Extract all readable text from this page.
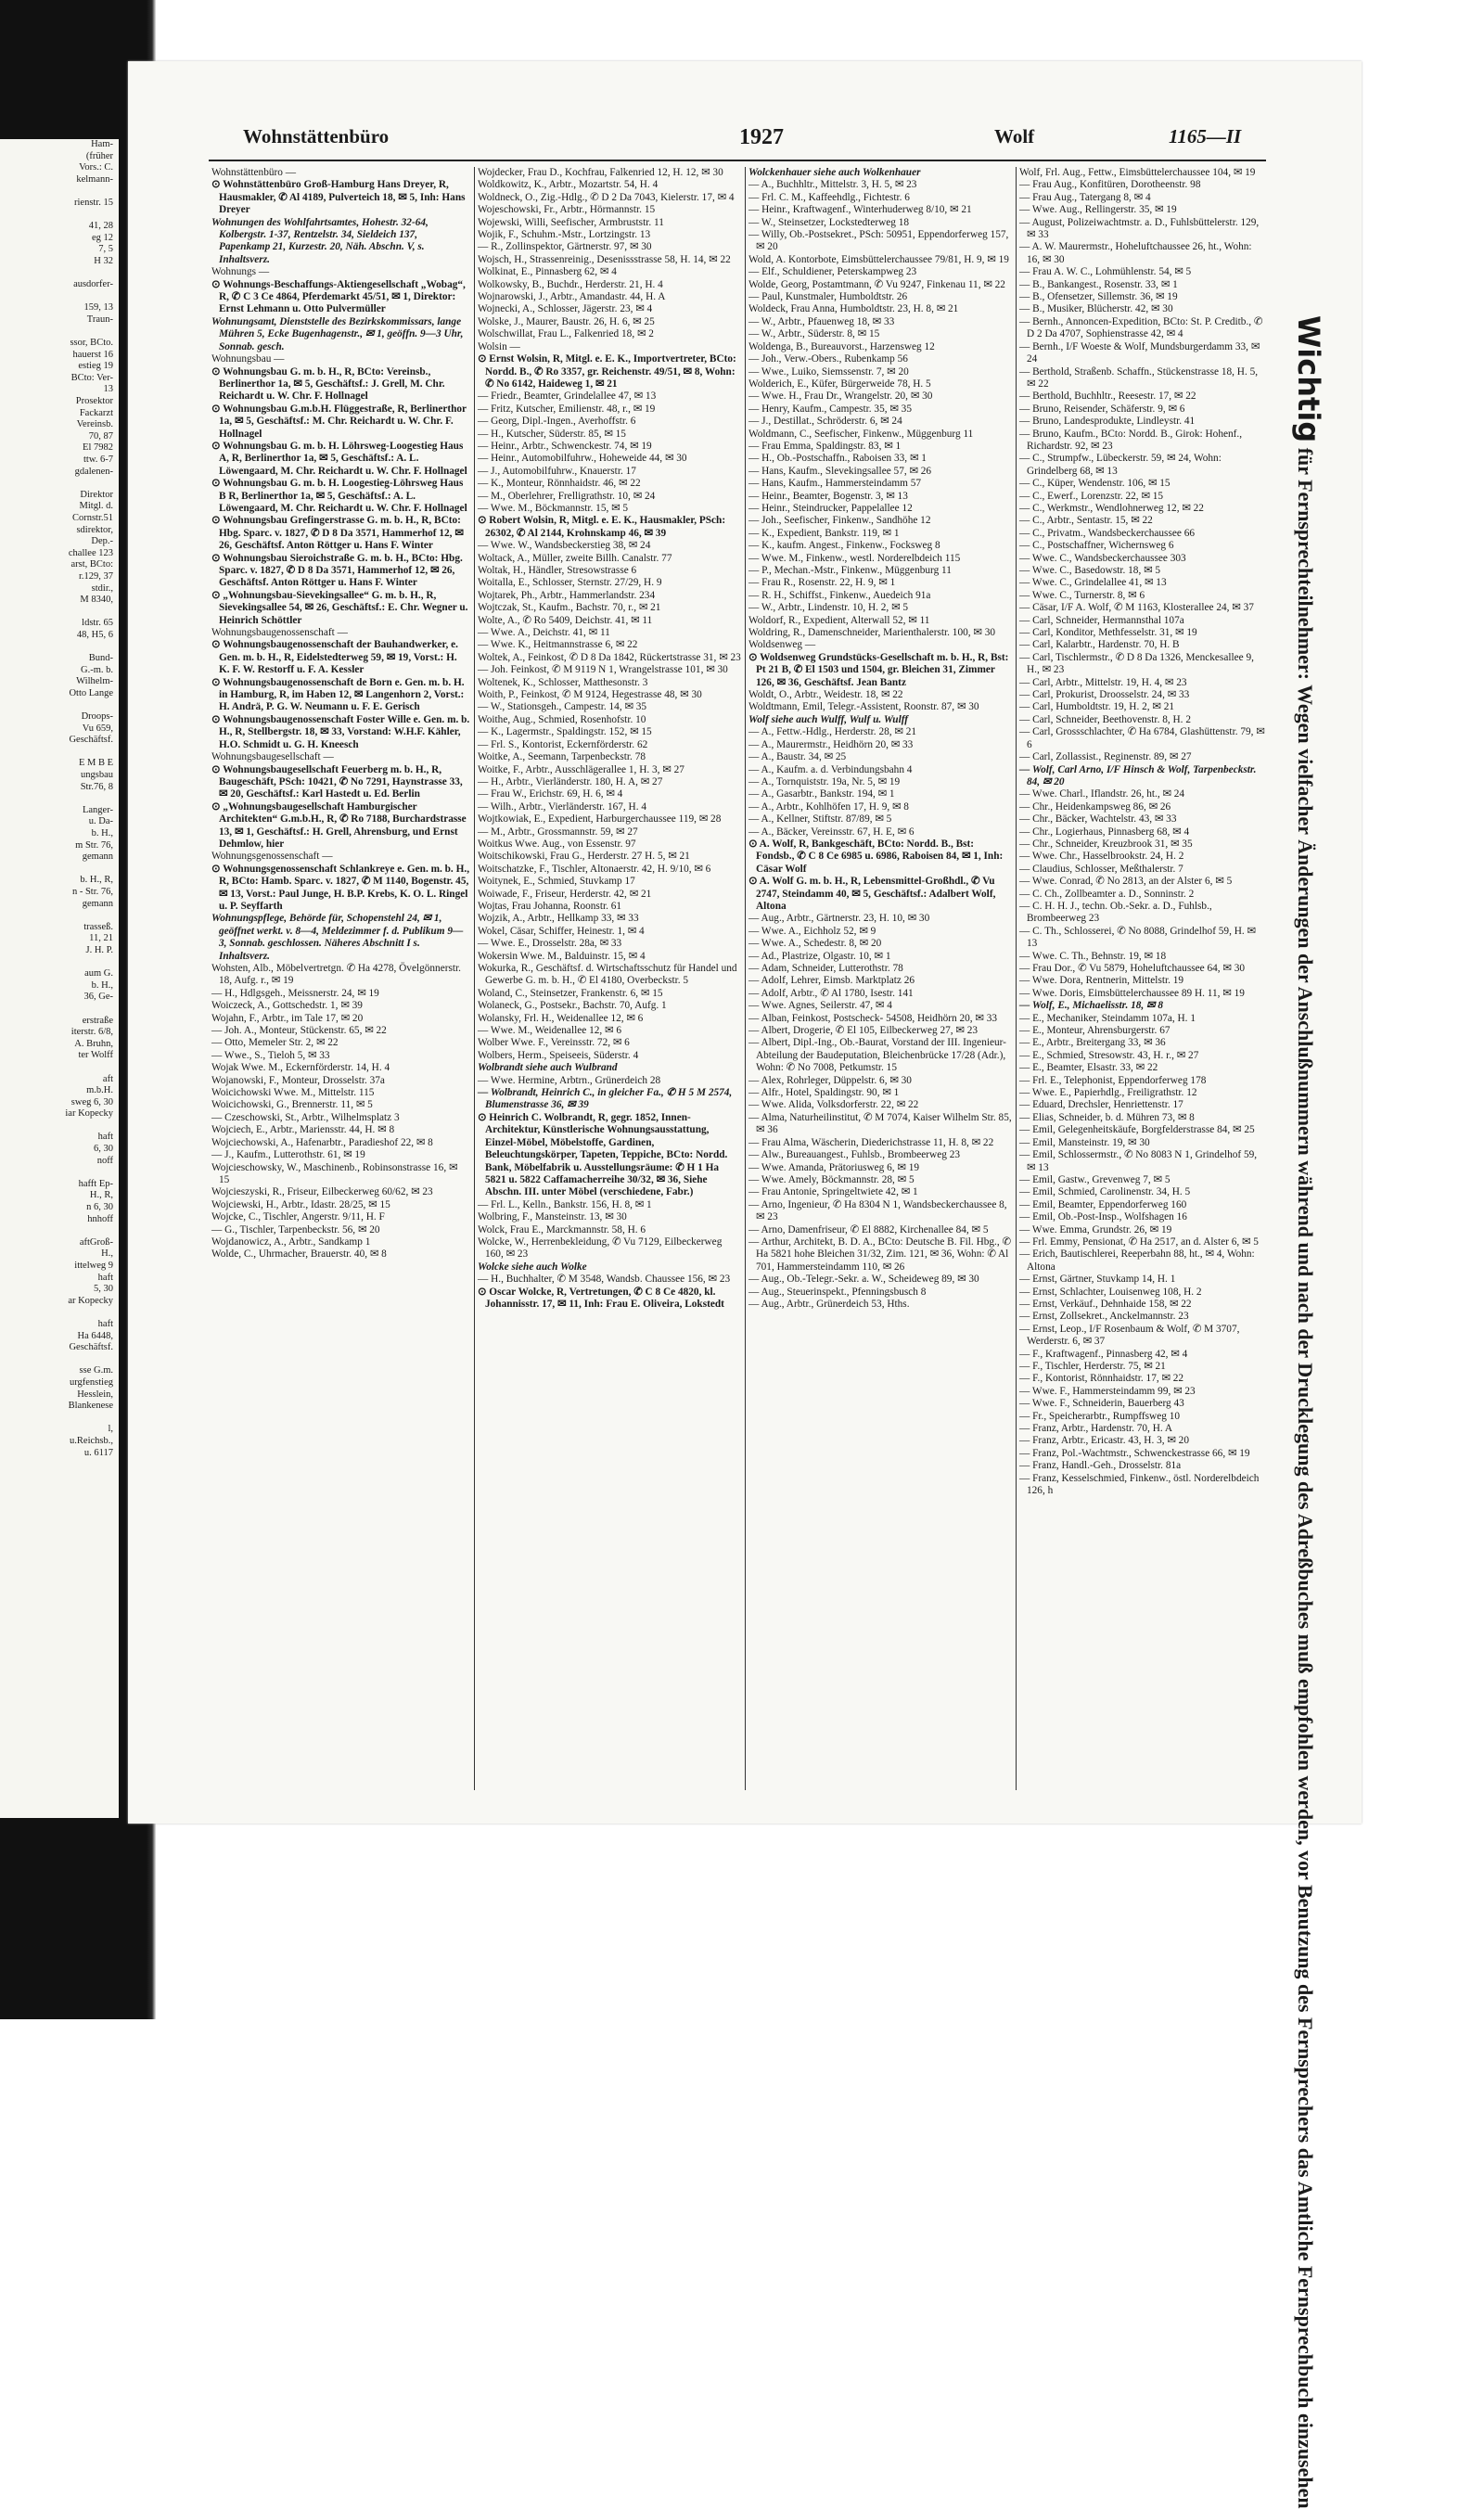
Ham-
(früher
Vors.: C.
kelmann-

rienstr. 15

41, 28
eg 12
7, 5
H 32

ausdorfer-

159, 13
Traun-

ssor, BCto.
hauerst 16
estieg 19
BCto: Ver-
13
Prosektor
Fackarzt
Vereinsb.
70, 87
El 7982
ttw. 6-7
gdalenen-

Direktor
Mitgl. d.
Cornstr.51
sdirektor,
Dep.-
challee 123
arst, BCto:
r.129, 37
stdir.,
M 8340,

ldstr. 65
48, H5, 6

Bund-
G.-m. b.
Wilhelm-
Otto Lange

Droops-
Vu 659,
Geschäftsf.

E M B E
ungsbau
Str.76, 8

Langer-
u. Da-
b. H.,
m Str. 76,
gemann

b. H., R,
n - Str. 76,
gemann

trasseß.
11, 21
J. H. P.

aum G.
b. H.,
36, Ge-

erstraße
iterstr. 6/8,
A. Bruhn,
ter Wolff

aft
m.b.H.
sweg 6, 30
iar Kopecky

haft
6, 30
noff

hafft Ep-
H., R,
n 6, 30
hnhoff

aftGroß-
H.,
ittelweg 9
haft
5, 30
ar Kopecky

haft
Ha 6448,
Geschäftsf.

sse G.m.
urgfenstieg
Hesslein,
Blankenese

l,
u.Reichsb.,
u. 6117
Wohnstättenbüro	1927	Wolf	1165—II

Wohnstättenbüro —

⊙ Wohnstättenbüro Groß-Hamburg Hans Dreyer, R, Hausmakler, ✆ Al 4189, Pulverteich 18, ✉ 5, Inh: Hans Dreyer

Wohnungen des Wohlfahrtsamtes, Hohestr. 32-64, Kolbergstr. 1-37, Rentzelstr. 34, Sieldeich 137, Papenkamp 21, Kurzestr. 20, Näh. Abschn. V, s. Inhaltsverz.

Wohnungs —

⊙ Wohnungs-Beschaffungs-Aktiengesellschaft „Wobag“, R, ✆ C 3 Ce 4864, Pferdemarkt 45/51, ✉ 1, Direktor: Ernst Lehmann u. Otto Pulvermüller

Wohnungsamt, Dienststelle des Bezirkskommissars, lange Mühren 5, Ecke Bugenhagenstr., ✉ 1, geöffn. 9—3 Uhr, Sonnab. gesch.

Wohnungsbau —

⊙ Wohnungsbau G. m. b. H., R, BCto: Vereinsb., Berlinerthor 1a, ✉ 5, Geschäftsf.: J. Grell, M. Chr. Reichardt u. W. Chr. F. Hollnagel

⊙ Wohnungsbau G.m.b.H. Flüggestraße, R, Berlinerthor 1a, ✉ 5, Geschäftsf.: M. Chr. Reichardt u. W. Chr. F. Hollnagel

⊙ Wohnungsbau G. m. b. H. Löhrsweg-Loogestieg Haus A, R, Berlinerthor 1a, ✉ 5, Geschäftsf.: A. L. Löwengaard, M. Chr. Reichardt u. W. Chr. F. Hollnagel

⊙ Wohnungsbau G. m. b. H. Loogestieg-Löhrsweg Haus B R, Berlinerthor 1a, ✉ 5, Geschäftsf.: A. L. Löwengaard, M. Chr. Reichardt u. W. Chr. F. Hollnagel

⊙ Wohnungsbau Grefingerstrasse G. m. b. H., R, BCto: Hbg. Sparc. v. 1827, ✆ D 8 Da 3571, Hammerhof 12, ✉ 26, Geschäftsf. Anton Röttger u. Hans F. Winter

⊙ Wohnungsbau Sieroichstraße G. m. b. H., BCto: Hbg. Sparc. v. 1827, ✆ D 8 Da 3571, Hammerhof 12, ✉ 26, Geschäftsf. Anton Röttger u. Hans F. Winter

⊙ „Wohnungsbau-Sievekingsallee“ G. m. b. H., R, Sievekingsallee 54, ✉ 26, Geschäftsf.: E. Chr. Wegner u. Heinrich Schöttler

Wohnungsbaugenossenschaft —

⊙ Wohnungsbaugenossenschaft der Bauhandwerker, e. Gen. m. b. H., R, Eidelstedterweg 59, ✉ 19, Vorst.: H. K. F. W. Restorff u. F. A. Kessler

⊙ Wohnungsbaugenossenschaft de Born e. Gen. m. b. H. in Hamburg, R, im Haben 12, ✉ Langenhorn 2, Vorst.: H. Andrä, P. G. W. Neumann u. F. E. Gerisch

⊙ Wohnungsbaugenossenschaft Foster Wille e. Gen. m. b. H., R, Stellbergstr. 18, ✉ 33, Vorstand: W.H.F. Kähler, H.O. Schmidt u. G. H. Kneesch

Wohnungsbaugesellschaft —

⊙ Wohnungsbaugesellschaft Feuerberg m. b. H., R, Baugeschäft, PSch: 10421, ✆ No 7291, Haynstrasse 33, ✉ 20, Geschäftsf.: Karl Hastedt u. Ed. Berlin

⊙ „Wohnungsbaugesellschaft Hamburgischer Architekten“ G.m.b.H., R, ✆ Ro 7188, Burchardstrasse 13, ✉ 1, Geschäftsf.: H. Grell, Ahrensburg, und Ernst Dehmlow, hier

Wohnungsgenossenschaft —

⊙ Wohnungsgenossenschaft Schlankreye e. Gen. m. b. H., R, BCto: Hamb. Sparc. v. 1827, ✆ M 1140, Bogenstr. 45, ✉ 13, Vorst.: Paul Junge, H. B.P. Krebs, K. O. L. Ringel u. P. Seyffarth

Wohnungspflege, Behörde für, Schopenstehl 24, ✉ 1, geöffnet werkt. v. 8—4, Meldezimmer f. d. Publikum 9—3, Sonnab. geschlossen. Näheres Abschnitt I s. Inhaltsverz.

Wohsten, Alb., Möbelvertretgn. ✆ Ha 4278, Övelgönnerstr. 18, Aufg. r., ✉ 19

— H., Hdlgsgeh., Meissnerstr. 24, ✉ 19

Woiczeck, A., Gottschedstr. 1, ✉ 39

Wojahn, F., Arbtr., im Tale 17, ✉ 20

— Joh. A., Monteur, Stückenstr. 65, ✉ 22

— Otto, Memeler Str. 2, ✉ 22

— Wwe., S., Tieloh 5, ✉ 33

Wojak Wwe. M., Eckernförderstr. 14, H. 4

Wojanowski, F., Monteur, Drosselstr. 37a

Woicichowski Wwe. M., Mittelstr. 115

Woicichowski, G., Brennerstr. 11, ✉ 5

— Czeschowski, St., Arbtr., Wilhelmsplatz 3

Wojciech, E., Arbtr., Mariensstr. 44, H. ✉ 8

Wojciechowski, A., Hafenarbtr., Paradieshof 22, ✉ 8

— J., Kaufm., Lutterothstr. 61, ✉ 19

Wojcieschowsky, W., Maschinenb., Robinsonstrasse 16, ✉ 15

Wojcieszyski, R., Friseur, Eilbeckerweg 60/62, ✉ 23

Wojciewski, H., Arbtr., Idastr. 28/25, ✉ 15

Wojcke, C., Tischler, Angerstr. 9/11, H. F

— G., Tischler, Tarpenbeckstr. 56, ✉ 20

Wojdanowicz, A., Arbtr., Sandkamp 1

Wolde, C., Uhrmacher, Brauerstr. 40, ✉ 8

Wojdecker, Frau D., Kochfrau, Falkenried 12, H. 12, ✉ 30

Woldkowitz, K., Arbtr., Mozartstr. 54, H. 4

Woldneck, O., Zig.-Hdlg., ✆ D 2 Da 7043, Kielerstr. 17, ✉ 4

Wojeschowski, Fr., Arbtr., Hörmannstr. 15

Wojewski, Willi, Seefischer, Armbruststr. 11

Wojik, F., Schuhm.-Mstr., Lortzingstr. 13

— R., Zollinspektor, Gärtnerstr. 97, ✉ 30

Wojsch, H., Strassenreinig., Desenissstrasse 58, H. 14, ✉ 22

Wolkinat, E., Pinnasberg 62, ✉ 4

Wolkowsky, B., Buchdr., Herderstr. 21, H. 4

Wojnarowski, J., Arbtr., Amandastr. 44, H. A

Wojnecki, A., Schlosser, Jägerstr. 23, ✉ 4

Wolske, J., Maurer, Baustr. 26, H. 6, ✉ 25

Wolschwillat, Frau L., Falkenried 18, ✉ 2

Wolsin —

⊙ Ernst Wolsin, R, Mitgl. e. E. K., Importvertreter, BCto: Nordd. B., ✆ Ro 3357, gr. Reichenstr. 49/51, ✉ 8, Wohn: ✆ No 6142, Haideweg 1, ✉ 21

— Friedr., Beamter, Grindelallee 47, ✉ 13

— Fritz, Kutscher, Emilienstr. 48, r., ✉ 19

— Georg, Dipl.-Ingen., Averhoffstr. 6

— H., Kutscher, Süderstr. 85, ✉ 15

— Heinr., Arbtr., Schwenckestr. 74, ✉ 19

— Heinr., Automobilfuhrw., Hoheweide 44, ✉ 30

— J., Automobilfuhrw., Knauerstr. 17

— K., Monteur, Rönnhaidstr. 46, ✉ 22

— M., Oberlehrer, Frelligrathstr. 10, ✉ 24

— Wwe. M., Böckmannstr. 15, ✉ 5

⊙ Robert Wolsin, R, Mitgl. e. E. K., Hausmakler, PSch: 26302, ✆ Al 2144, Krohnskamp 46, ✉ 39

— Wwe. W., Wandsbeckerstieg 38, ✉ 24

Woltack, A., Müller, zweite Billh. Canalstr. 77

Woltak, H., Händler, Stresowstrasse 6

Woitalla, E., Schlosser, Sternstr. 27/29, H. 9

Wojtarek, Ph., Arbtr., Hammerlandstr. 234

Wojtczak, St., Kaufm., Bachstr. 70, r., ✉ 21

Wolte, A., ✆ Ro 5409, Deichstr. 41, ✉ 11

— Wwe. A., Deichstr. 41, ✉ 11

— Wwe. K., Heitmannstrasse 6, ✉ 22

Woltek, A., Feinkost, ✆ D 8 Da 1842, Rückertstrasse 31, ✉ 23

— Joh. Feinkost, ✆ M 9119 N 1, Wrangelstrasse 101, ✉ 30

Woltenek, K., Schlosser, Matthesonstr. 3

Woith, P., Feinkost, ✆ M 9124, Hegestrasse 48, ✉ 30

— W., Stationsgeh., Campestr. 14, ✉ 35

Woithe, Aug., Schmied, Rosenhofstr. 10

— K., Lagermstr., Spaldingstr. 152, ✉ 15

— Frl. S., Kontorist, Eckernförderstr. 62

Woitke, A., Seemann, Tarpenbeckstr. 78

Woitke, F., Arbtr., Ausschlägerallee 1, H. 3, ✉ 27

— H., Arbtr., Vierländerstr. 180, H. A, ✉ 27

— Frau W., Erichstr. 69, H. 6, ✉ 4

— Wilh., Arbtr., Vierländerstr. 167, H. 4

Wojtkowiak, E., Expedient, Harburgerchaussee 119, ✉ 28

— M., Arbtr., Grossmannstr. 59, ✉ 27

Woitkus Wwe. Aug., von Essenstr. 97

Woitschikowski, Frau G., Herderstr. 27 H. 5, ✉ 21

Woitschatzke, F., Tischler, Altonaerstr. 42, H. 9/10, ✉ 6

Woitynek, E., Schmied, Stuvkamp 17

Woiwade, F., Friseur, Herderstr. 42, ✉ 21

Wojtas, Frau Johanna, Roonstr. 61

Wojzik, A., Arbtr., Hellkamp 33, ✉ 33

Wokel, Cäsar, Schiffer, Heinestr. 1, ✉ 4

— Wwe. E., Drosselstr. 28a, ✉ 33

Wokersin Wwe. M., Balduinstr. 15, ✉ 4

Wokurka, R., Geschäftsf. d. Wirtschaftsschutz für Handel und Gewerbe G. m. b. H., ✆ El 4180, Overbeckstr. 5

Woland, C., Steinsetzer, Frankenstr. 6, ✉ 15

Wolaneck, G., Postsekr., Bachstr. 70, Aufg. 1

Wolansky, Frl. H., Weidenallee 12, ✉ 6

— Wwe. M., Weidenallee 12, ✉ 6

Wolber Wwe. F., Vereinsstr. 72, ✉ 6

Wolbers, Herm., Speiseeis, Süderstr. 4

Wolbrandt siehe auch Wulbrand

— Wwe. Hermine, Arbtrn., Grünerdeich 28

— Wolbrandt, Heinrich C., in gleicher Fa., ✆ H 5 M 2574, Blumenstrasse 36, ✉ 39

⊙ Heinrich C. Wolbrandt, R, gegr. 1852, Innen-Architektur, Künstlerische Wohnungsausstattung, Einzel-Möbel, Möbelstoffe, Gardinen, Beleuchtungskörper, Tapeten, Teppiche, BCto: Nordd. Bank, Möbelfabrik u. Ausstellungsräume: ✆ H 1 Ha 5821 u. 5822 Caffamacherreihe 30/32, ✉ 36, Siehe Abschn. III. unter Möbel (verschiedene, Fabr.)

— Frl. L., Kelln., Bankstr. 156, H. 8, ✉ 1

Wolbring, F., Mansteinstr. 13, ✉ 30

Wolck, Frau E., Marckmannstr. 58, H. 6

Wolcke, W., Herrenbekleidung, ✆ Vu 7129, Eilbeckerweg 160, ✉ 23

Wolcke siehe auch Wolke

— H., Buchhalter, ✆ M 3548, Wandsb. Chaussee 156, ✉ 23

⊙ Oscar Wolcke, R, Vertretungen, ✆ C 8 Ce 4820, kl. Johannisstr. 17, ✉ 11, Inh: Frau E. Oliveira, Lokstedt

Wolckenhauer siehe auch Wolkenhauer

— A., Buchhltr., Mittelstr. 3, H. 5, ✉ 23

— Frl. C. M., Kaffeehdlg., Fichtestr. 6

— Heinr., Kraftwagenf., Winterhuderweg 8/10, ✉ 21

— W., Steinsetzer, Lockstedterweg 18

— Willy, Ob.-Postsekret., PSch: 50951, Eppendorferweg 157, ✉ 20

Wold, A. Kontorbote, Eimsbüttelerchaussee 79/81, H. 9, ✉ 19

— Elf., Schuldiener, Peterskampweg 23

Wolde, Georg, Postamtmann, ✆ Vu 9247, Finkenau 11, ✉ 22

— Paul, Kunstmaler, Humboldtstr. 26

Woldeck, Frau Anna, Humboldtstr. 23, H. 8, ✉ 21

— W., Arbtr., Pfauenweg 18, ✉ 33

— W., Arbtr., Süderstr. 8, ✉ 15

Woldenga, B., Bureauvorst., Harzensweg 12

— Joh., Verw.-Obers., Rubenkamp 56

— Wwe., Luiko, Siemssenstr. 7, ✉ 20

Wolderich, E., Küfer, Bürgerweide 78, H. 5

— Wwe. H., Frau Dr., Wrangelstr. 20, ✉ 30

— Henry, Kaufm., Campestr. 35, ✉ 35

— J., Destillat., Schröderstr. 6, ✉ 24

Woldmann, C., Seefischer, Finkenw., Müggenburg 11

— Frau Emma, Spaldingstr. 83, ✉ 1

— H., Ob.-Postschaffn., Raboisen 33, ✉ 1

— Hans, Kaufm., Slevekingsallee 57, ✉ 26

— Hans, Kaufm., Hammersteindamm 57

— Heinr., Beamter, Bogenstr. 3, ✉ 13

— Heinr., Steindrucker, Pappelallee 12

— Joh., Seefischer, Finkenw., Sandhöhe 12

— K., Expedient, Bankstr. 119, ✉ 1

— K., kaufm. Angest., Finkenw., Focksweg 8

— Wwe. M., Finkenw., westl. Norderelbdeich 115

— P., Mechan.-Mstr., Finkenw., Müggenburg 11

— Frau R., Rosenstr. 22, H. 9, ✉ 1

— R. H., Schiffst., Finkenw., Auedeich 91a

— W., Arbtr., Lindenstr. 10, H. 2, ✉ 5

Woldorf, R., Expedient, Alterwall 52, ✉ 11

Woldring, R., Damenschneider, Marienthalerstr. 100, ✉ 30

Woldsenweg —

⊙ Woldsenweg Grundstücks-Gesellschaft m. b. H., R, Bst: Pt 21 B, ✆ El 1503 und 1504, gr. Bleichen 31, Zimmer 126, ✉ 36, Geschäftsf. Jean Bantz

Woldt, O., Arbtr., Weidestr. 18, ✉ 22

Woldtmann, Emil, Telegr.-Assistent, Roonstr. 87, ✉ 30

Wolf siehe auch Wulff, Wulf u. Wulff

— A., Fettw.-Hdlg., Herderstr. 28, ✉ 21

— A., Maurermstr., Heidhörn 20, ✉ 33

— A., Baustr. 34, ✉ 25

— A., Kaufm. a. d. Verbindungsbahn 4

— A., Tornquiststr. 19a, Nr. 5, ✉ 19

— A., Gasarbtr., Bankstr. 194, ✉ 1

— A., Arbtr., Kohlhöfen 17, H. 9, ✉ 8

— A., Kellner, Stiftstr. 87/89, ✉ 5

— A., Bäcker, Vereinsstr. 67, H. E, ✉ 6

⊙ A. Wolf, R, Bankgeschäft, BCto: Nordd. B., Bst: Fondsb., ✆ C 8 Ce 6985 u. 6986, Raboisen 84, ✉ 1, Inh: Cäsar Wolf

⊙ A. Wolf G. m. b. H., R, Lebensmittel-Großhdl., ✆ Vu 2747, Steindamm 40, ✉ 5, Geschäftsf.: Adalbert Wolf, Altona

— Aug., Arbtr., Gärtnerstr. 23, H. 10, ✉ 30

— Wwe. A., Eichholz 52, ✉ 9

— Wwe. A., Schedestr. 8, ✉ 20

— Ad., Plastrize, Olgastr. 10, ✉ 1

— Adam, Schneider, Lutterothstr. 78

— Adolf, Lehrer, Eimsb. Marktplatz 26

— Adolf, Arbtr., ✆ Al 1780, Isestr. 141

— Wwe. Agnes, Seilerstr. 47, ✉ 4

— Alban, Feinkost, Postscheck- 54508, Heidhörn 20, ✉ 33

— Albert, Drogerie, ✆ El 105, Eilbeckerweg 27, ✉ 23

— Albert, Dipl.-Ing., Ob.-Baurat, Vorstand der III. Ingenieur-Abteilung der Baudeputation, Bleichenbrücke 17/28 (Adr.), Wohn: ✆ No 7008, Petkumstr. 15

— Alex, Rohrleger, Düppelstr. 6, ✉ 30

— Alfr., Hotel, Spaldingstr. 90, ✉ 1

— Wwe. Alida, Volksdorferstr. 22, ✉ 22

— Alma, Naturheilinstitut, ✆ M 7074, Kaiser Wilhelm Str. 85, ✉ 36

— Frau Alma, Wäscherin, Diederichstrasse 11, H. 8, ✉ 22

— Alw., Bureauangest., Fuhlsb., Brombeerweg 23

— Wwe. Amanda, Prätoriusweg 6, ✉ 19

— Wwe. Amely, Böckmannstr. 28, ✉ 5

— Frau Antonie, Springeltwiete 42, ✉ 1

— Arno, Ingenieur, ✆ Ha 8304 N 1, Wandsbeckerchaussee 8, ✉ 23

— Arno, Damenfriseur, ✆ El 8882, Kirchenallee 84, ✉ 5

— Arthur, Architekt, B. D. A., BCto: Deutsche B. Fil. Hbg., ✆ Ha 5821 hohe Bleichen 31/32, Zim. 121, ✉ 36, Wohn: ✆ Al 701, Hammersteindamm 110, ✉ 26

— Aug., Ob.-Telegr.-Sekr. a. W., Scheideweg 89, ✉ 30

— Aug., Steuerinspekt., Pfenningsbusch 8

— Aug., Arbtr., Grünerdeich 53, Hths.

Wolf, Frl. Aug., Fettw., Eimsbüttelerchaussee 104, ✉ 19

— Frau Aug., Konfitüren, Dorotheenstr. 98

— Frau Aug., Tatergang 8, ✉ 4

— Wwe. Aug., Rellingerstr. 35, ✉ 19

— August, Polizeiwachtmstr. a. D., Fuhlsbüttelerstr. 129, ✉ 33

— A. W. Maurermstr., Hoheluftchaussee 26, ht., Wohn: 16, ✉ 30

— Frau A. W. C., Lohmühlenstr. 54, ✉ 5

— B., Bankangest., Rosenstr. 33, ✉ 1

— B., Ofensetzer, Sillemstr. 36, ✉ 19

— B., Musiker, Blücherstr. 42, ✉ 30

— Bernh., Annoncen-Expedition, BCto: St. P. Creditb., ✆ D 2 Da 4707, Sophienstrasse 42, ✉ 4

— Bernh., I/F Woeste & Wolf, Mundsburgerdamm 33, ✉ 24

— Berthold, Straßenb. Schaffn., Stückenstrasse 18, H. 5, ✉ 22

— Berthold, Buchhltr., Reesestr. 17, ✉ 22

— Bruno, Reisender, Schäferstr. 9, ✉ 6

— Bruno, Landesprodukte, Lindleystr. 41

— Bruno, Kaufm., BCto: Nordd. B., Girok: Hohenf., Richardstr. 92, ✉ 23

— C., Strumpfw., Lübeckerstr. 59, ✉ 24, Wohn: Grindelberg 68, ✉ 13

— C., Küper, Wendenstr. 106, ✉ 15

— C., Ewerf., Lorenzstr. 22, ✉ 15

— C., Werkmstr., Wendlohnerweg 12, ✉ 22

— C., Arbtr., Sentastr. 15, ✉ 22

— C., Privatm., Wandsbeckerchaussee 66

— C., Postschaffner, Wichernsweg 6

— Wwe. C., Wandsbeckerchaussee 303

— Wwe. C., Basedowstr. 18, ✉ 5

— Wwe. C., Grindelallee 41, ✉ 13

— Wwe. C., Turnerstr. 8, ✉ 6

— Cäsar, I/F A. Wolf, ✆ M 1163, Klosterallee 24, ✉ 37

— Carl, Schneider, Hermannsthal 107a

— Carl, Konditor, Methfesselstr. 31, ✉ 19

— Carl, Kalarbtr., Hardenstr. 70, H. B

— Carl, Tischlermstr., ✆ D 8 Da 1326, Menckesallee 9, H., ✉ 23

— Carl, Arbtr., Mittelstr. 19, H. 4, ✉ 23

— Carl, Prokurist, Droosselstr. 24, ✉ 33

— Carl, Humboldtstr. 19, H. 2, ✉ 21

— Carl, Schneider, Beethovenstr. 8, H. 2

— Carl, Grossschlachter, ✆ Ha 6784, Glashüttenstr. 79, ✉ 6

— Carl, Zollassist., Reginenstr. 89, ✉ 27

— Wolf, Carl Arno, I/F Hinsch & Wolf, Tarpenbeckstr. 84, ✉ 20

— Wwe. Charl., Iflandstr. 26, ht., ✉ 24

— Chr., Heidenkampsweg 86, ✉ 26

— Chr., Bäcker, Wachtelstr. 43, ✉ 33

— Chr., Logierhaus, Pinnasberg 68, ✉ 4

— Chr., Schneider, Kreuzbrook 31, ✉ 35

— Wwe. Chr., Hasselbrookstr. 24, H. 2

— Claudius, Schlosser, Meßthalerstr. 7

— Wwe. Conrad, ✆ No 2813, an der Alster 6, ✉ 5

— C. Ch., Zollbeamter a. D., Sonninstr. 2

— C. H. H. J., techn. Ob.-Sekr. a. D., Fuhlsb., Brombeerweg 23

— C. Th., Schlosserei, ✆ No 8088, Grindelhof 59, H. ✉ 13

— Wwe. C. Th., Behnstr. 19, ✉ 18

— Frau Dor., ✆ Vu 5879, Hoheluftchaussee 64, ✉ 30

— Wwe. Dora, Rentnerin, Mittelstr. 19

— Wwe. Doris, Eimsbüttelerchaussee 89 H. 11, ✉ 19

— Wolf, E., Michaelisstr. 18, ✉ 8

— E., Mechaniker, Steindamm 107a, H. 1

— E., Monteur, Ahrensburgerstr. 67

— E., Arbtr., Breitergang 33, ✉ 36

— E., Schmied, Stresowstr. 43, H. r., ✉ 27

— E., Beamter, Elsastr. 33, ✉ 22

— Frl. E., Telephonist, Eppendorferweg 178

— Wwe. E., Papierhdlg., Freiligrathstr. 12

— Eduard, Drechsler, Henriettenstr. 17

— Elias, Schneider, b. d. Mühren 73, ✉ 8

— Emil, Gelegenheitskäufe, Borgfelderstrasse 84, ✉ 25

— Emil, Mansteinstr. 19, ✉ 30

— Emil, Schlossermstr., ✆ No 8083 N 1, Grindelhof 59, ✉ 13

— Emil, Gastw., Grevenweg 7, ✉ 5

— Emil, Schmied, Carolinenstr. 34, H. 5

— Emil, Beamter, Eppendorferweg 160

— Emil, Ob.-Post-Insp., Wolfshagen 16

— Wwe. Emma, Grundstr. 26, ✉ 19

— Frl. Emmy, Pensionat, ✆ Ha 2517, an d. Alster 6, ✉ 5

— Erich, Bautischlerei, Reeperbahn 88, ht., ✉ 4, Wohn: Altona

— Ernst, Gärtner, Stuvkamp 14, H. 1

— Ernst, Schlachter, Louisenweg 108, H. 2

— Ernst, Verkäuf., Dehnhaide 158, ✉ 22

— Ernst, Zollsekret., Anckelmannstr. 23

— Ernst, Leop., I/F Rosenbaum & Wolf, ✆ M 3707, Werderstr. 6, ✉ 37

— F., Kraftwagenf., Pinnasberg 42, ✉ 4

— F., Tischler, Herderstr. 75, ✉ 21

— F., Kontorist, Rönnhaidstr. 17, ✉ 22

— Wwe. F., Hammersteindamm 99, ✉ 23

— Wwe. F., Schneiderin, Bauerberg 43

— Fr., Speicherarbtr., Rumpffsweg 10

— Franz, Arbtr., Hardenstr. 70, H. A

— Franz, Arbtr., Ericastr. 43, H. 3, ✉ 20

— Franz, Pol.-Wachtmstr., Schwenckestrasse 66, ✉ 19

— Franz, Handl.-Geh., Drosselstr. 81a

— Franz, Kesselschmied, Finkenw., östl. Norderelbdeich 126, h

Wichtig für Fernsprechteilnehmer: Wegen vielfacher Änderungen der Anschlußnummern während und nach der Drucklegung des Adreßbuches muß empfohlen werden, vor Benutzung des Fernsprechers das Amtliche Fernsprechbuch einzusehen
